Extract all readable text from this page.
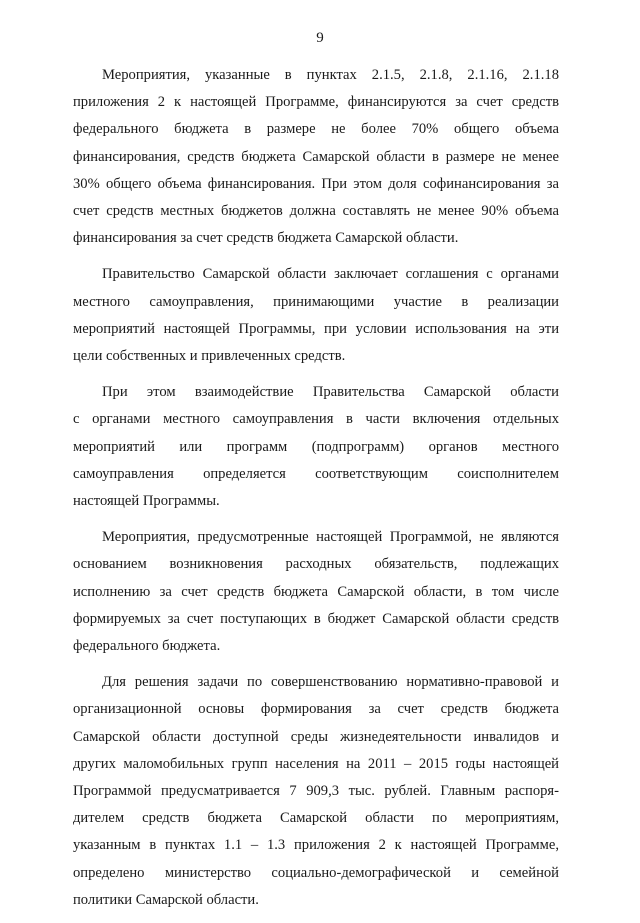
9

Мероприятия, указанные в пунктах 2.1.5, 2.1.8, 2.1.16, 2.1.18
приложения 2 к настоящей Программе, финансируются за счет средств
федерального бюджета в размере не более 70% общего объема
финансирования, средств бюджета Самарской области в размере не менее
30% общего объема финансирования. При этом доля софинансирования за
счет средств местных бюджетов должна составлять не менее 90% объема
финансирования за счет средств бюджета Самарской области.

Правительство Самарской области заключает соглашения с органами
местного самоуправления, принимающими участие в реализации
мероприятий настоящей Программы, при условии использования на эти
цели собственных и привлеченных средств.

При этом взаимодействие Правительства Самарской области
с органами местного самоуправления в части включения отдельных
мероприятий или программ (подпрограмм) органов местного
самоуправления определяется соответствующим соисполнителем
настоящей Программы.

Мероприятия, предусмотренные настоящей Программой, не являются
основанием возникновения расходных обязательств, подлежащих
исполнению за счет средств бюджета Самарской области, в том числе
формируемых за счет поступающих в бюджет Самарской области средств
федерального бюджета.

Для решения задачи по совершенствованию нормативно-правовой и
организационной основы формирования за счет средств бюджета
Самарской области доступной среды жизнедеятельности инвалидов и
других маломобильных групп населения на 2011 – 2015 годы настоящей
Программой предусматривается 7 909,3 тыс. рублей. Главным распоря-
дителем средств бюджета Самарской области по мероприятиям,
указанным в пунктах 1.1 – 1.3 приложения 2 к настоящей Программе,
определено министерство социально-демографической и семейной
политики Самарской области.
